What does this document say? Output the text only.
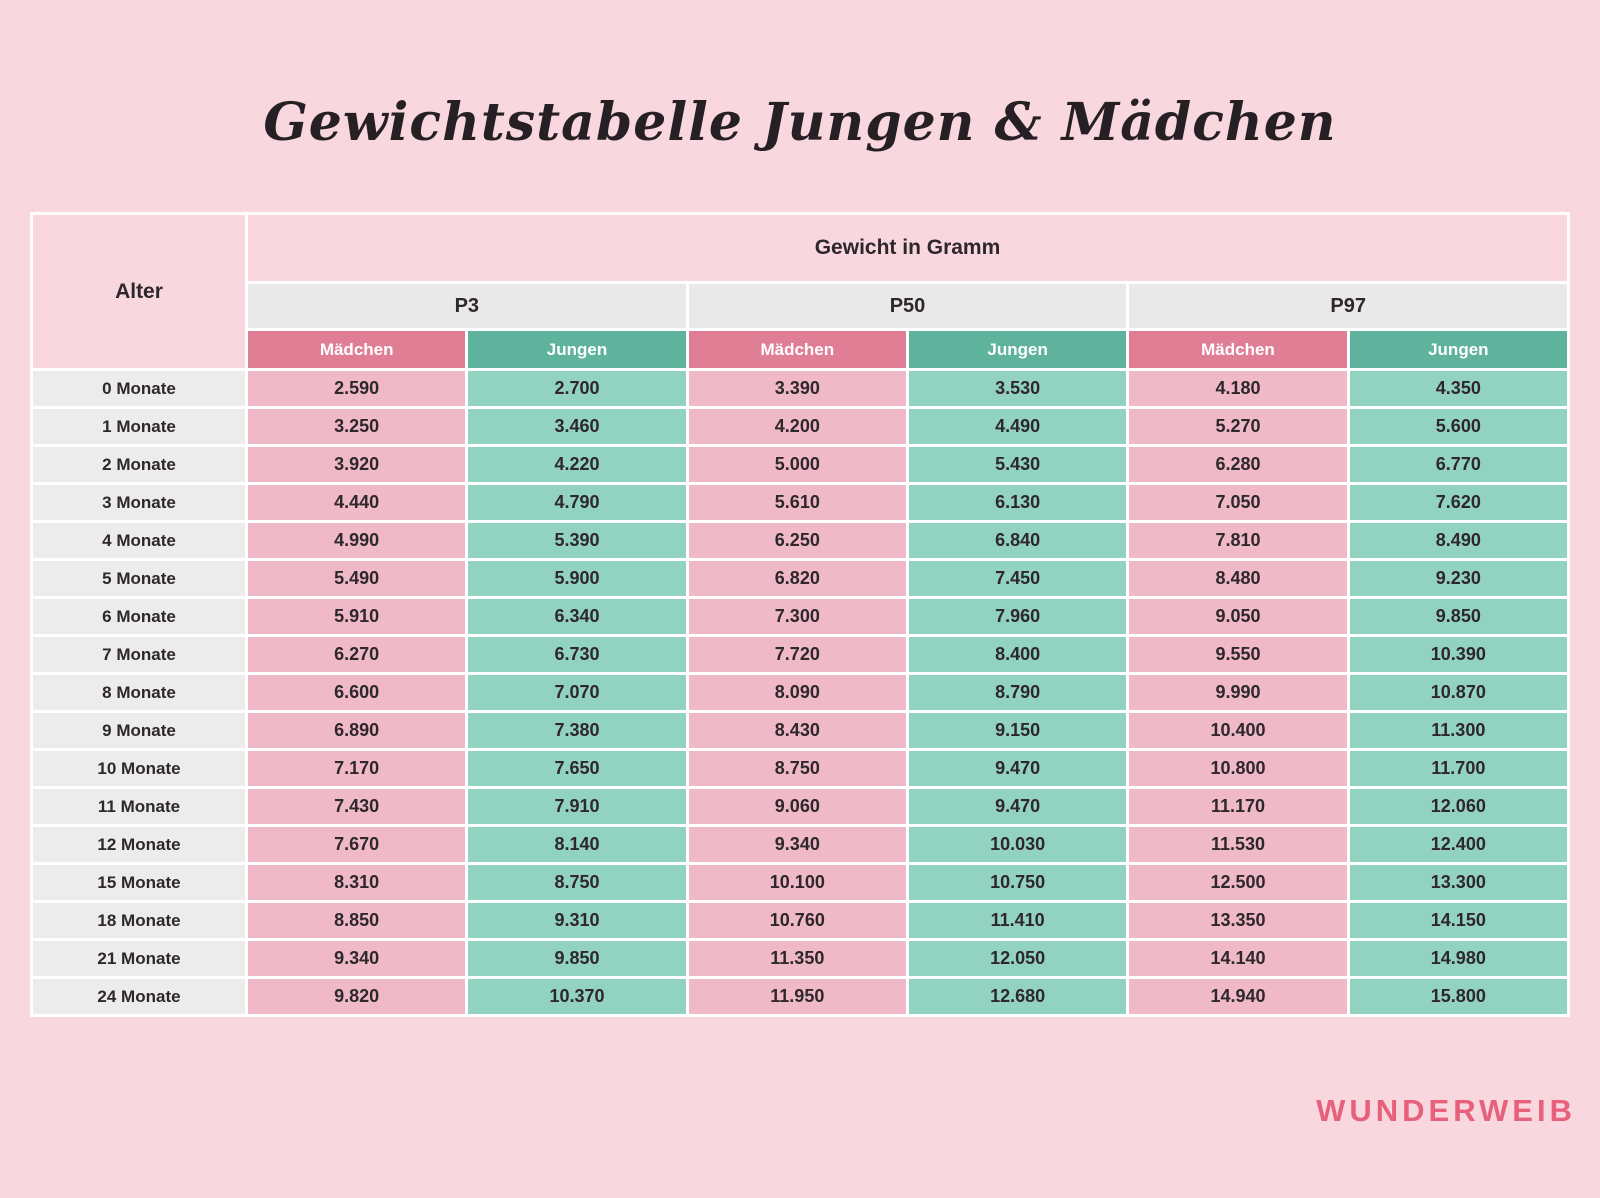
Gewichtstabelle Jungen & Mädchen
Alter
Gewicht in Gramm
P3	P50	P97
Mädchen	Jungen	Mädchen	Jungen	Mädchen	Jungen
0 Monate	2.590	2.700	3.390	3.530	4.180	4.350
1 Monate	3.250	3.460	4.200	4.490	5.270	5.600
2 Monate	3.920	4.220	5.000	5.430	6.280	6.770
3 Monate	4.440	4.790	5.610	6.130	7.050	7.620
4 Monate	4.990	5.390	6.250	6.840	7.810	8.490
5 Monate	5.490	5.900	6.820	7.450	8.480	9.230
6 Monate	5.910	6.340	7.300	7.960	9.050	9.850
7 Monate	6.270	6.730	7.720	8.400	9.550	10.390
8 Monate	6.600	7.070	8.090	8.790	9.990	10.870
9 Monate	6.890	7.380	8.430	9.150	10.400	11.300
10 Monate	7.170	7.650	8.750	9.470	10.800	11.700
11 Monate	7.430	7.910	9.060	9.470	11.170	12.060
12 Monate	7.670	8.140	9.340	10.030	11.530	12.400
15 Monate	8.310	8.750	10.100	10.750	12.500	13.300
18 Monate	8.850	9.310	10.760	11.410	13.350	14.150
21 Monate	9.340	9.850	11.350	12.050	14.140	14.980
24 Monate	9.820	10.370	11.950	12.680	14.940	15.800
WUNDERWEIB
